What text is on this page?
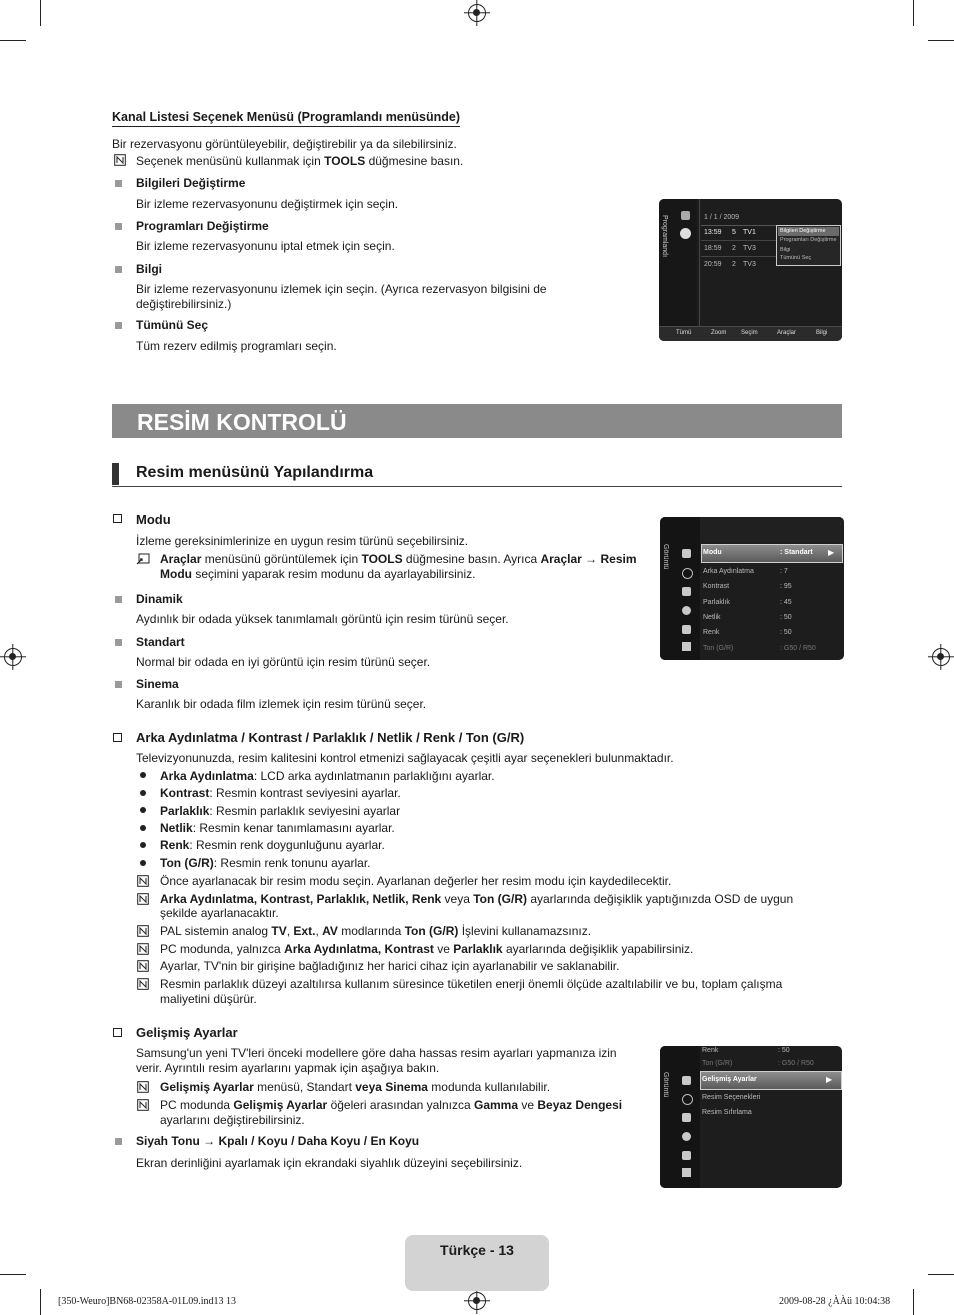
Kanal Listesi Seçenek Menüsü (Programlandı menüsünde)
Bir rezervasyonu görüntüleyebilir, değiştirebilir ya da silebilirsiniz.
Seçenek menüsünü kullanmak için TOOLS düğmesine basın.
Bilgileri Değiştirme
Bir izleme rezervasyonunu değiştirmek için seçin.
Programları Değiştirme
Bir izleme rezervasyonunu iptal etmek için seçin.
Bilgi
Bir izleme rezervasyonunu izlemek için seçin. (Ayrıca rezervasyon bilgisini de
değiştirebilirsiniz.)
Tümünü Seç
Tüm rezerv edilmiş programları seçin.
Programlandı	1 / 1 / 2009
13:59 5 TV1
18:59 2 TV3
20:59 2 TV3
Bilgileri Değiştirme
Programları Değiştirme
Bilgi
Tümünü Seç
Tümü	Zoom Seçim	Araçlar	Bilgi
RESİM KONTROLÜ
Resim menüsünü Yapılandırma
Modu
İzleme gereksinimlerinize en uygun resim türünü seçebilirsiniz.
Araçlar menüsünü görüntülemek için TOOLS düğmesine basın. Ayrıca Araçlar → Resim
Modu seçimini yaparak resim modunu da ayarlayabilirsiniz.
Dinamik
Aydınlık bir odada yüksek tanımlamalı görüntü için resim türünü seçer.
Standart
Normal bir odada en iyi görüntü için resim türünü seçer.
Sinema
Karanlık bir odada film izlemek için resim türünü seçer.
Görüntü	Modu	: Standart ▶
Arka Aydınlatma	: 7
Kontrast	: 95
Parlaklık	: 45
Netlik	: 50
Renk	: 50
Ton (G/R)	: G50 / R50
Arka Aydınlatma / Kontrast / Parlaklık / Netlik / Renk / Ton (G/R)
Televizyonunuzda, resim kalitesini kontrol etmenizi sağlayacak çeşitli ayar seçenekleri bulunmaktadır.
Arka Aydınlatma: LCD arka aydınlatmanın parlaklığını ayarlar.
Kontrast: Resmin kontrast seviyesini ayarlar.
Parlaklık: Resmin parlaklık seviyesini ayarlar
Netlik: Resmin kenar tanımlamasını ayarlar.
Renk: Resmin renk doygunluğunu ayarlar.
Ton (G/R): Resmin renk tonunu ayarlar.
Önce ayarlanacak bir resim modu seçin. Ayarlanan değerler her resim modu için kaydedilecektir.
Arka Aydınlatma, Kontrast, Parlaklık, Netlik, Renk veya Ton (G/R) ayarlarında değişiklik yaptığınızda OSD de uygun
şekilde ayarlanacaktır.
PAL sistemin analog TV, Ext., AV modlarında Ton (G/R) İşlevini kullanamazsınız.
PC modunda, yalnızca Arka Aydınlatma, Kontrast ve Parlaklık ayarlarında değişiklik yapabilirsiniz.
Ayarlar, TV'nin bir girişine bağladığınız her harici cihaz için ayarlanabilir ve saklanabilir.
Resmin parlaklık düzeyi azaltılırsa kullanım süresince tüketilen enerji önemli ölçüde azaltılabilir ve bu, toplam çalışma
maliyetini düşürür.
Gelişmiş Ayarlar
Samsung'un yeni TV'leri önceki modellere göre daha hassas resim ayarları yapmanıza izin
verir. Ayrıntılı resim ayarlarını yapmak için aşağıya bakın.
Gelişmiş Ayarlar menüsü, Standart veya Sinema modunda kullanılabilir.
PC modunda Gelişmiş Ayarlar öğeleri arasından yalnızca Gamma ve Beyaz Dengesi
ayarlarını değiştirebilirsiniz.
Siyah Tonu → Kpalı / Koyu / Daha Koyu / En Koyu
Ekran derinliğini ayarlamak için ekrandaki siyahlık düzeyini seçebilirsiniz.
Görüntü
Renk	: 50
Ton (G/R)	: G50 / R50
Gelişmiş Ayarlar	▶
Resim Seçenekleri
Resim Sıfırlama
Türkçe - 13
[350-Weuro]BN68-02358A-01L09.ind13 13	2009-08-28 ¿ÀÀü 10:04:38
